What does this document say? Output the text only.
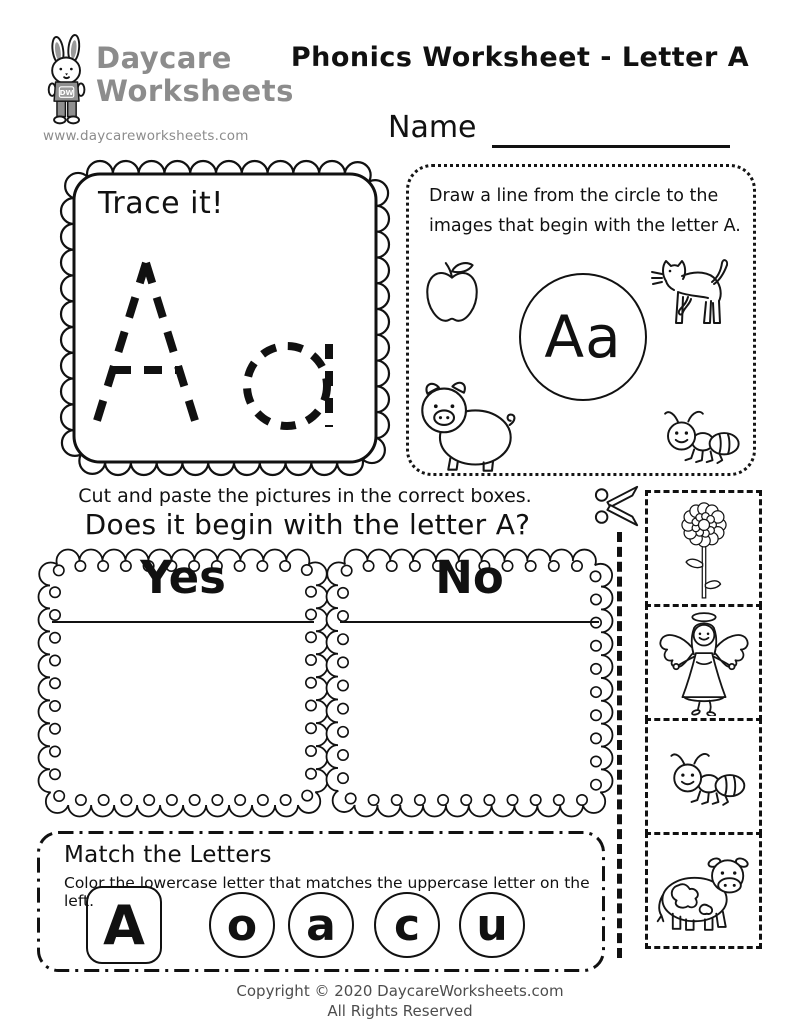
DW
Daycare
Worksheets
www.daycareworksheets.com
Phonics Worksheet - Letter A
Name
Trace it!	Draw a line from the circle to the
images that begin with the letter A.
Aa
Cut and paste the pictures in the correct boxes.
Does it begin with the letter A?
Yes	No
Match the Letters
Color the lowercase letter that matches the uppercase letter on the left. A	o	a	c	u
Copyright © 2020 DaycareWorksheets.com
All Rights Reserved
